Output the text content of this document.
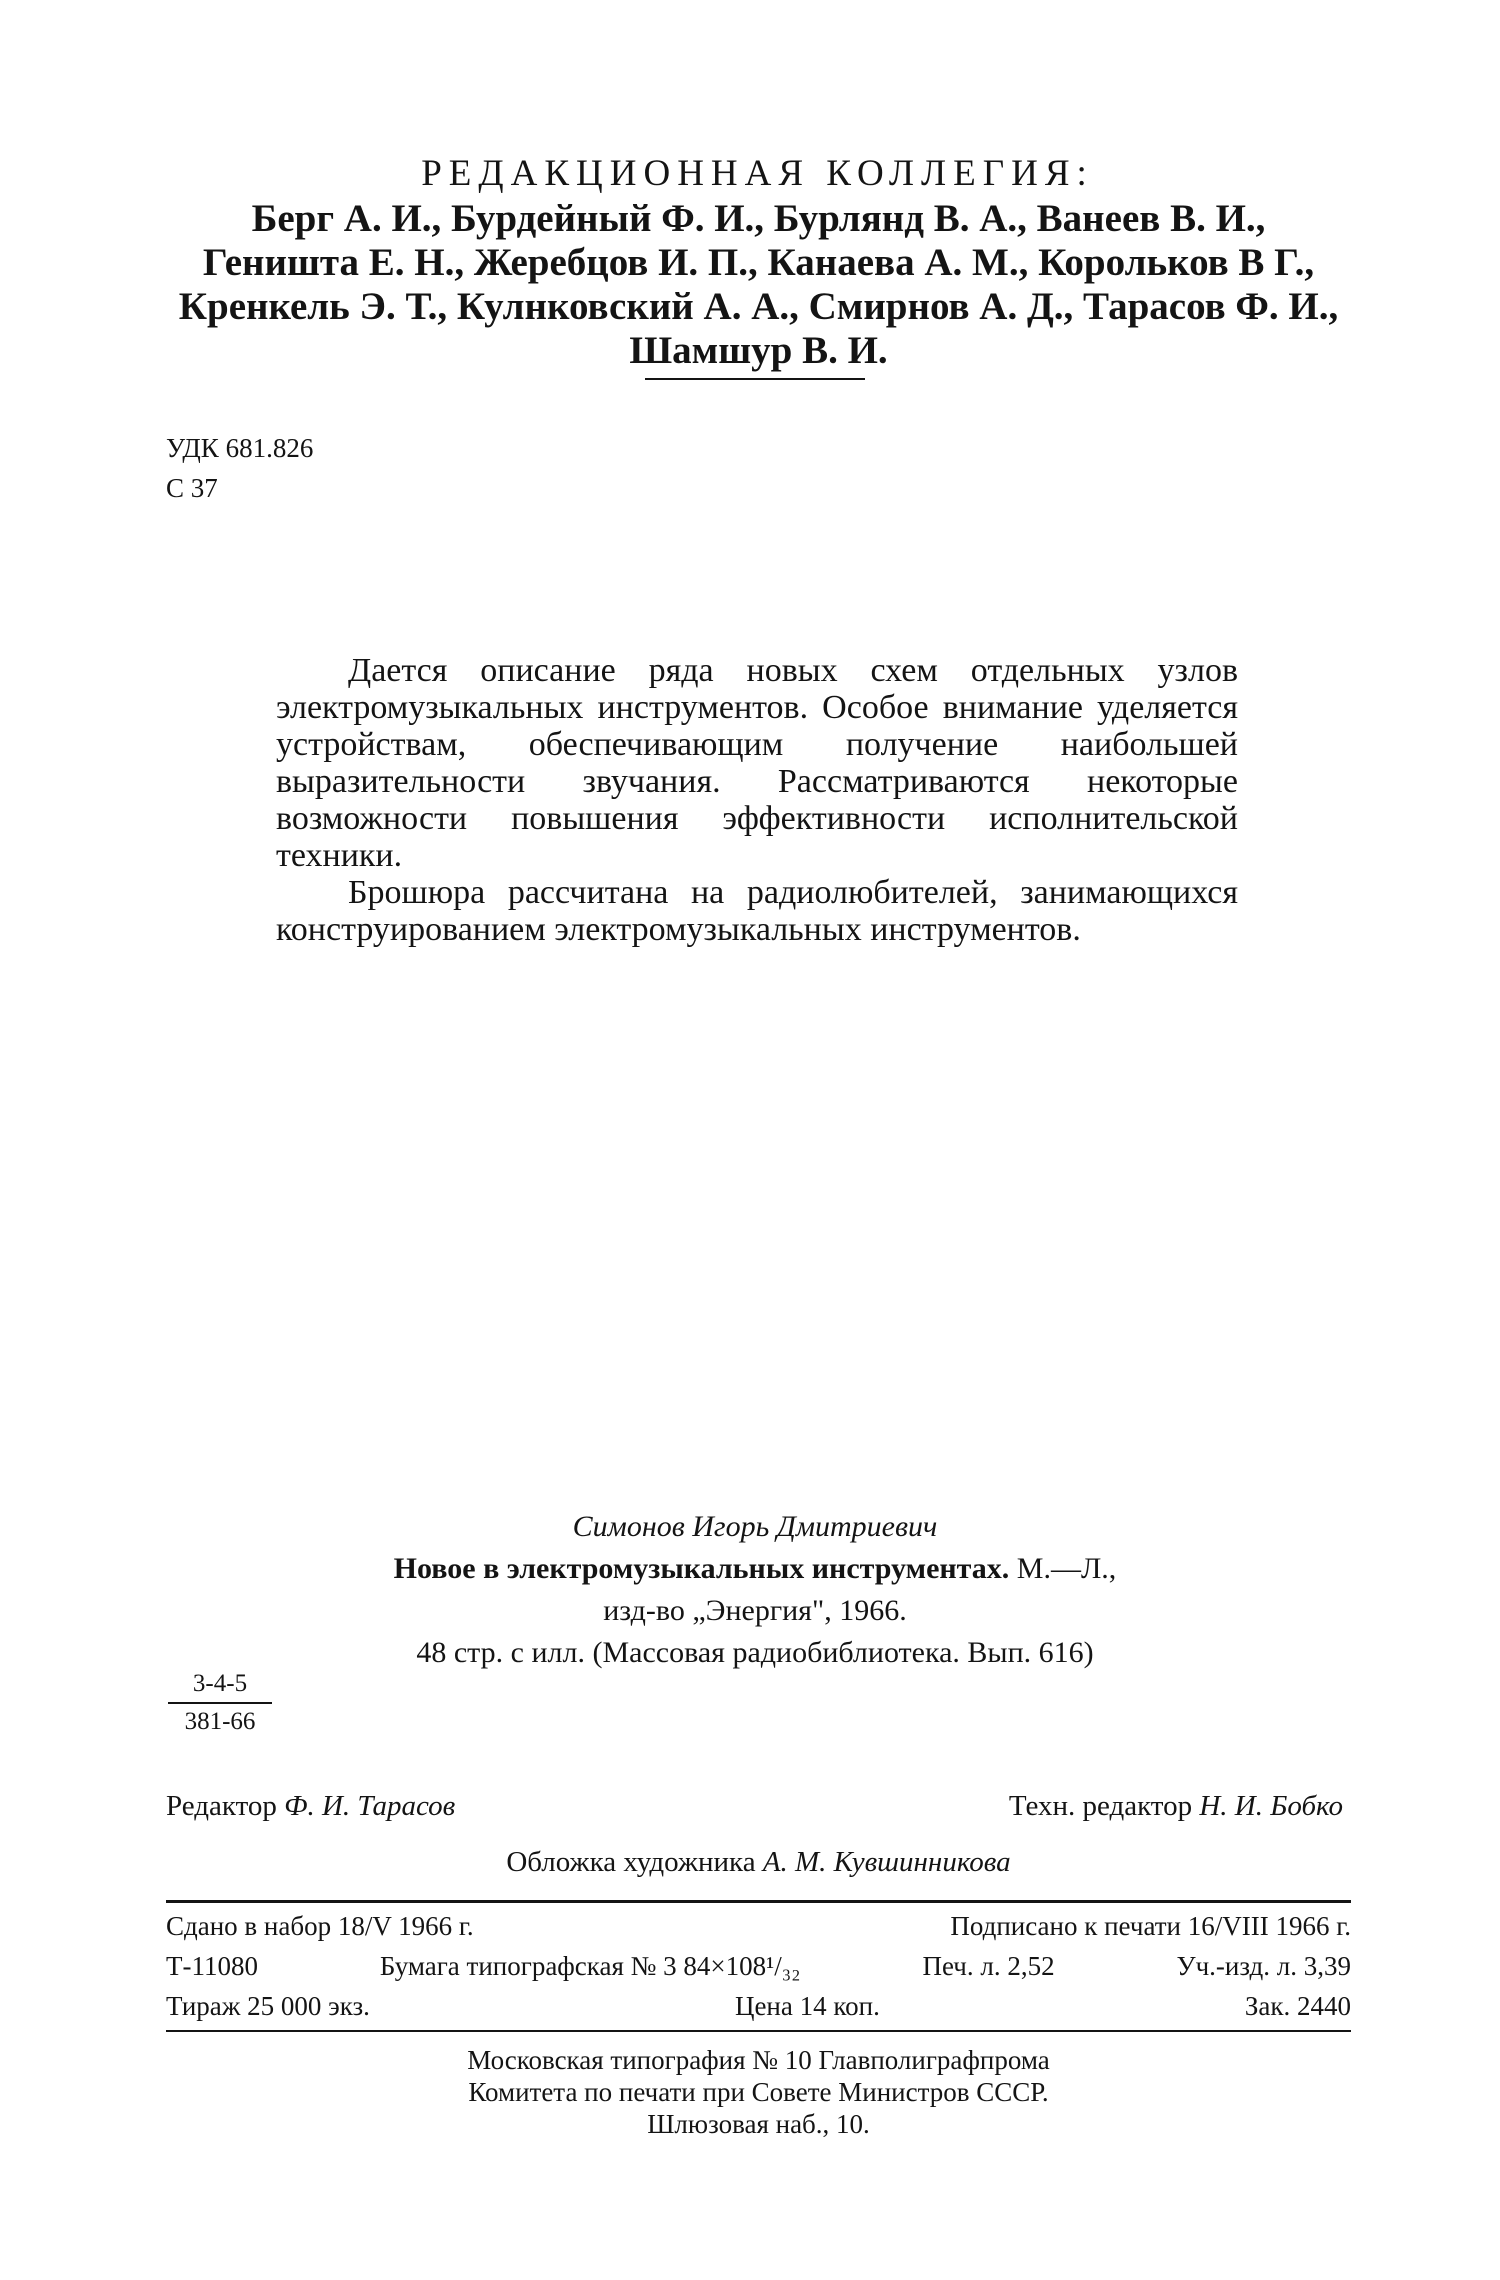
РЕДАКЦИОННАЯ КОЛЛЕГИЯ:
Берг А. И., Бурдейный Ф. И., Бурлянд В. А., Ванеев В. И.,
Геништа Е. Н., Жеребцов И. П., Канаева А. М., Корольков В Г.,
Кренкель Э. Т., Кулнковский А. А., Смирнов А. Д., Тарасов Ф. И.,
Шамшур В. И.
УДК 681.826
С 37

Дается описание ряда новых схем отдельных узлов электромузыкальных инструментов. Особое внимание уделяется устройствам, обеспечивающим получение наибольшей выразительности звучания. Рассматриваются некоторые возможности повышения эффективности исполнительской техники.

Брошюра рассчитана на радиолюбителей, занимающихся конструированием электромузыкальных инструментов.

Симонов Игорь Дмитриевич
Новое в электромузыкальных инструментах. М.—Л.,
изд-во „Энергия", 1966.
48 стр. с илл. (Массовая радиобиблиотека. Вып. 616)
$\frac{3-4-5}{381-66}$
Редактор Ф. И. Тарасов	Техн. редактор Н. И. Бобко
Обложка художника А. М. Кувшинникова
Сдано в набор 18/V 1966 г.	Подписано к печати 16/VIII 1966 г.
Т-11080	Бумага типографская № 3 84×108¹/₃₂	Печ. л. 2,52	Уч.-изд. л. 3,39
Тираж 25 000 экз.	Цена 14 коп.	Зак. 2440
Московская типография № 10 Главполиграфпрома
Комитета по печати при Совете Министров СССР.
Шлюзовая наб., 10.
